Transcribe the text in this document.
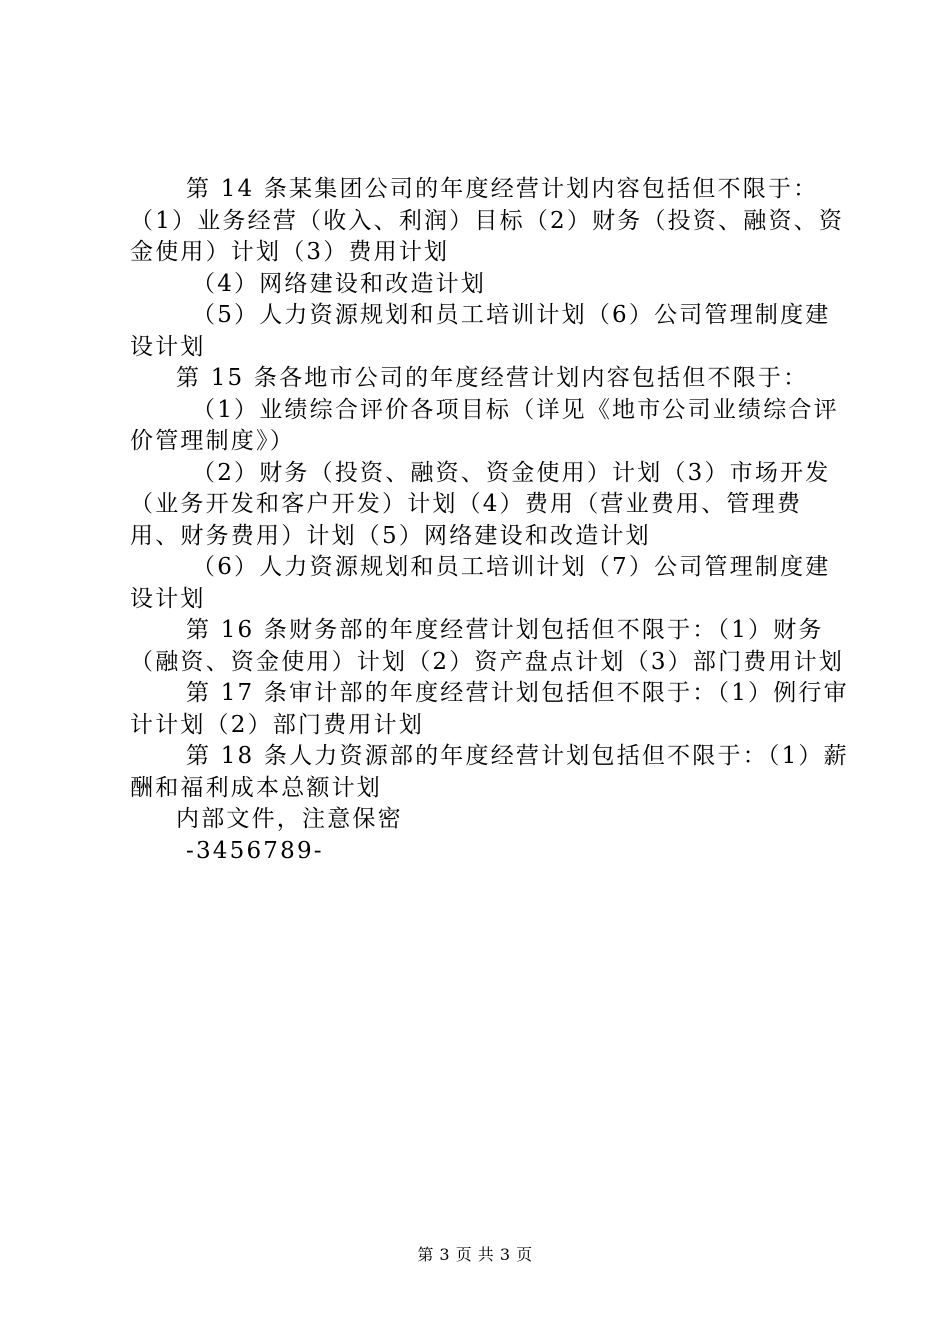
第 14 条某集团公司的年度经营计划内容包括但不限于：（1）业务经营（收入、利润）目标（2）财务（投资、融资、资金使用）计划（3）费用计划

（4）网络建设和改造计划

（5）人力资源规划和员工培训计划（6）公司管理制度建设计划

第 15 条各地市公司的年度经营计划内容包括但不限于：

（1）业绩综合评价各项目标（详见《地市公司业绩综合评价管理制度》）

（2）财务（投资、融资、资金使用）计划（3）市场开发（业务开发和客户开发）计划（4）费用（营业费用、管理费用、财务费用）计划（5）网络建设和改造计划

（6）人力资源规划和员工培训计划（7）公司管理制度建设计划

第 16 条财务部的年度经营计划包括但不限于：（1）财务（融资、资金使用）计划（2）资产盘点计划（3）部门费用计划

第 17 条审计部的年度经营计划包括但不限于：（1）例行审计计划（2）部门费用计划

第 18 条人力资源部的年度经营计划包括但不限于：（1）薪酬和福利成本总额计划

内部文件，注意保密

-3456789-

第 3 页 共 3 页
